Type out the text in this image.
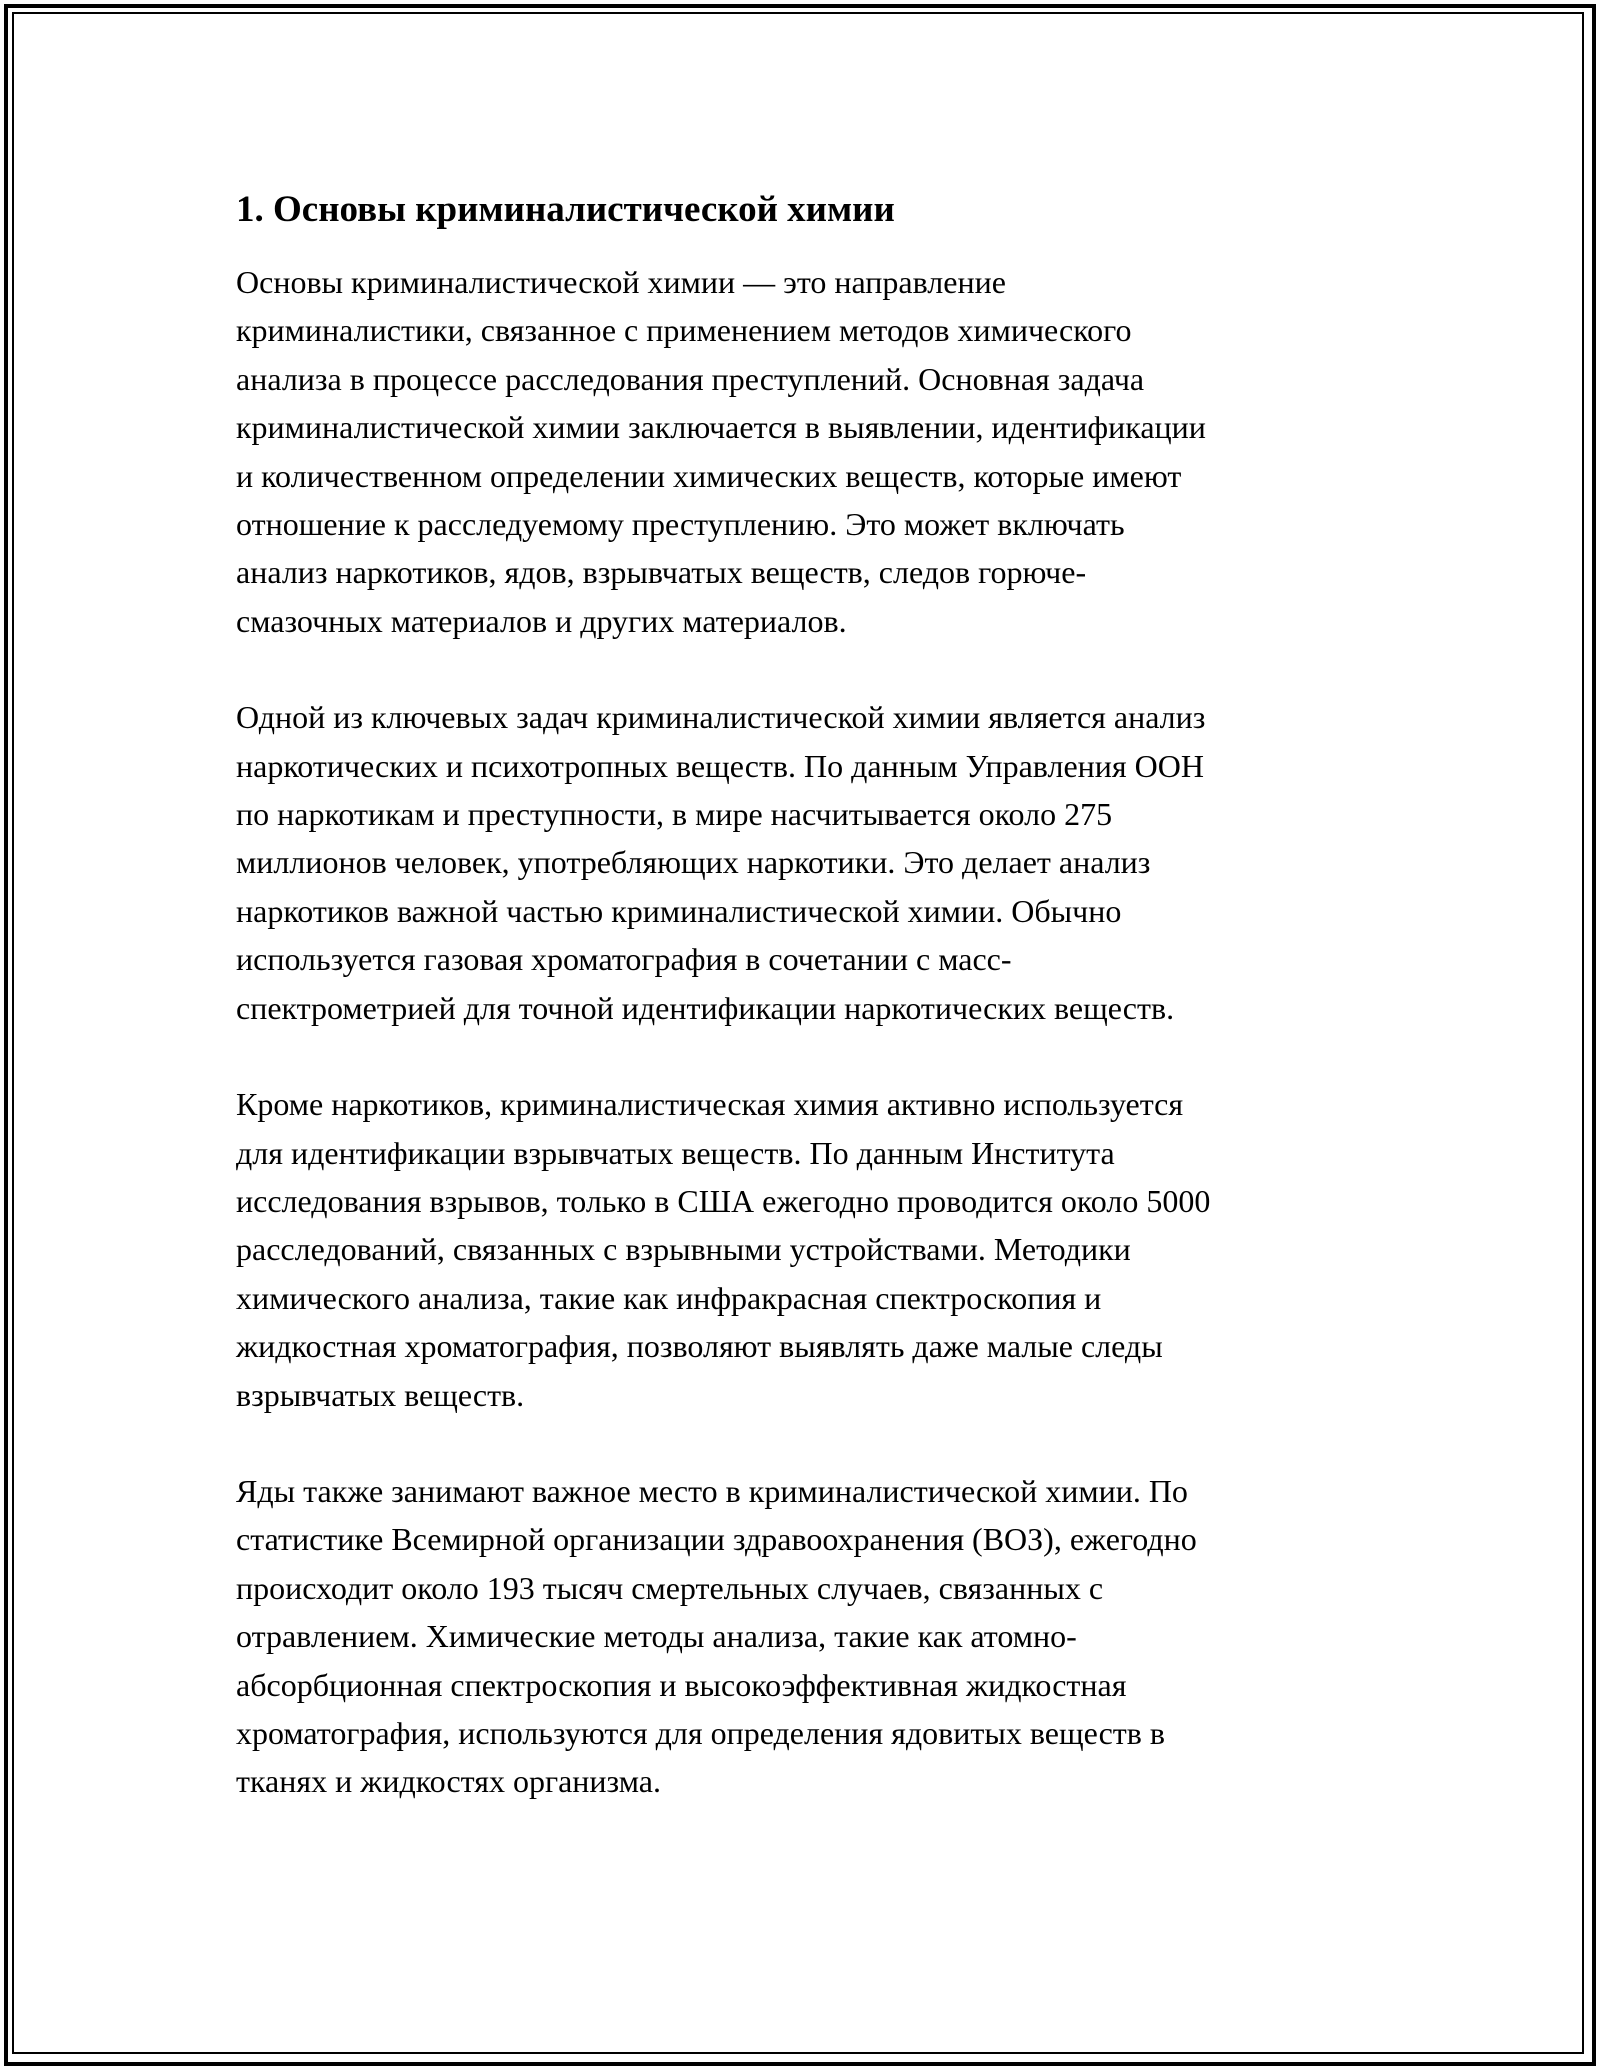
1. Основы криминалистической химии

Основы криминалистической химии — это направление
криминалистики, связанное с применением методов химического
анализа в процессе расследования преступлений. Основная задача
криминалистической химии заключается в выявлении, идентификации
и количественном определении химических веществ, которые имеют
отношение к расследуемому преступлению. Это может включать
анализ наркотиков, ядов, взрывчатых веществ, следов горюче-
смазочных материалов и других материалов.

Одной из ключевых задач криминалистической химии является анализ
наркотических и психотропных веществ. По данным Управления ООН
по наркотикам и преступности, в мире насчитывается около 275
миллионов человек, употребляющих наркотики. Это делает анализ
наркотиков важной частью криминалистической химии. Обычно
используется газовая хроматография в сочетании с масс-
спектрометрией для точной идентификации наркотических веществ.

Кроме наркотиков, криминалистическая химия активно используется
для идентификации взрывчатых веществ. По данным Института
исследования взрывов, только в США ежегодно проводится около 5000
расследований, связанных с взрывными устройствами. Методики
химического анализа, такие как инфракрасная спектроскопия и
жидкостная хроматография, позволяют выявлять даже малые следы
взрывчатых веществ.

Яды также занимают важное место в криминалистической химии. По
статистике Всемирной организации здравоохранения (ВОЗ), ежегодно
происходит около 193 тысяч смертельных случаев, связанных с
отравлением. Химические методы анализа, такие как атомно-
абсорбционная спектроскопия и высокоэффективная жидкостная
хроматография, используются для определения ядовитых веществ в
тканях и жидкостях организма.
